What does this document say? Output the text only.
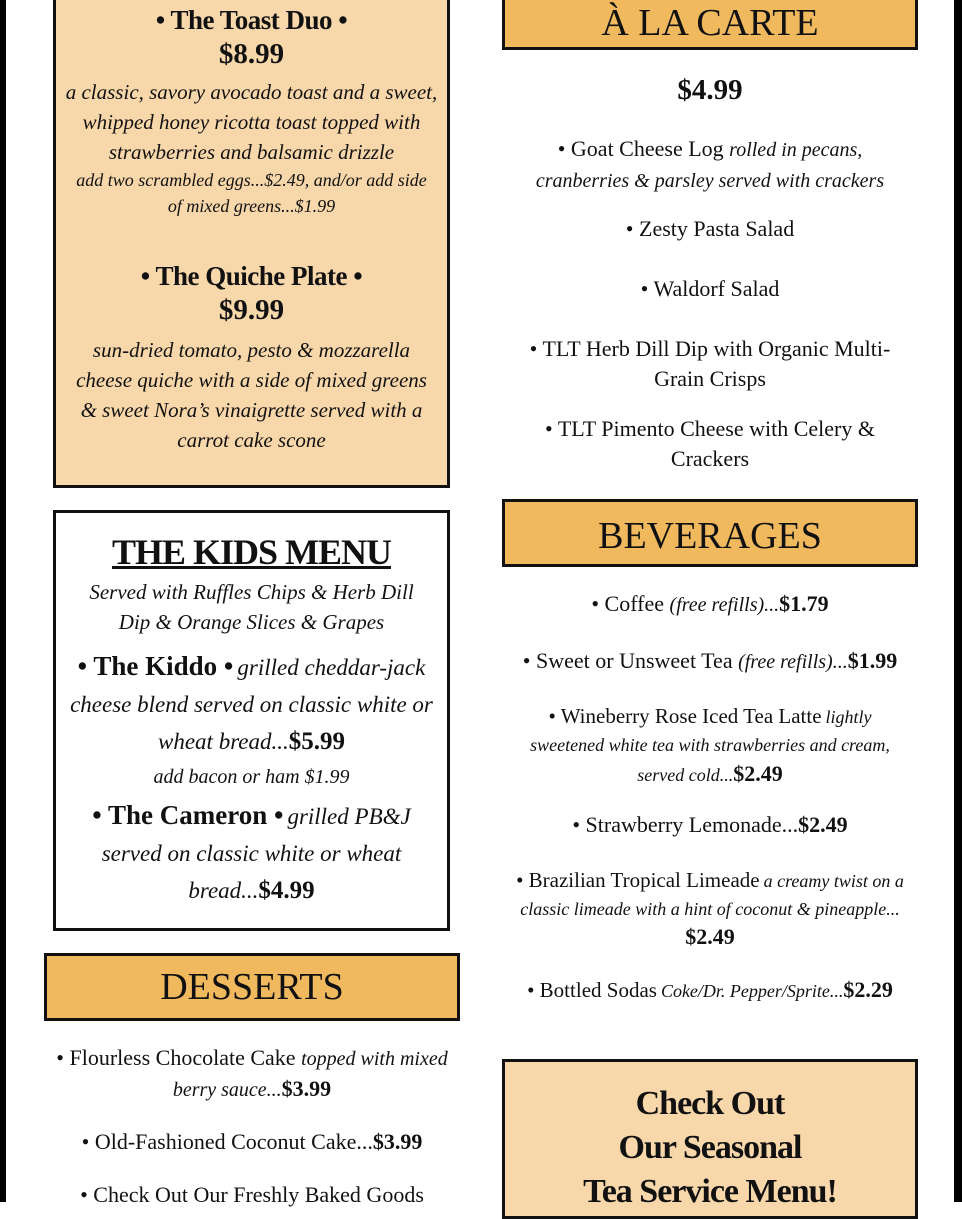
• The Toast Duo •
$8.99
a classic, savory avocado toast and a sweet, whipped honey ricotta toast topped with strawberries and balsamic drizzle
add two scrambled eggs...$2.49, and/or add side of mixed greens...$1.99
• The Quiche Plate •
$9.99
sun-dried tomato, pesto & mozzarella cheese quiche with a side of mixed greens & sweet Nora’s vinaigrette served with a carrot cake scone
THE KIDS MENU
Served with Ruffles Chips & Herb Dill Dip & Orange Slices & Grapes
• The Kiddo • grilled cheddar-jack cheese blend served on classic white or wheat bread...$5.99
add bacon or ham $1.99
• The Cameron • grilled PB&J served on classic white or wheat bread...$4.99
DESSERTS
• Flourless Chocolate Cake topped with mixed berry sauce...$3.99
• Old-Fashioned Coconut Cake...$3.99
• Check Out Our Freshly Baked Goods
À LA CARTE
$4.99
• Goat Cheese Log rolled in pecans, cranberries & parsley served with crackers
• Zesty Pasta Salad
• Waldorf Salad
• TLT Herb Dill Dip with Organic Multi-Grain Crisps
• TLT Pimento Cheese with Celery & Crackers
BEVERAGES
• Coffee (free refills)...$1.79
• Sweet or Unsweet Tea (free refills)...$1.99
• Wineberry Rose Iced Tea Latte lightly sweetened white tea with strawberries and cream, served cold...$2.49
• Strawberry Lemonade...$2.49
• Brazilian Tropical Limeade a creamy twist on a classic limeade with a hint of coconut & pineapple...
$2.49
• Bottled Sodas Coke/Dr. Pepper/Sprite...$2.29
Check Out
Our Seasonal
Tea Service Menu!
